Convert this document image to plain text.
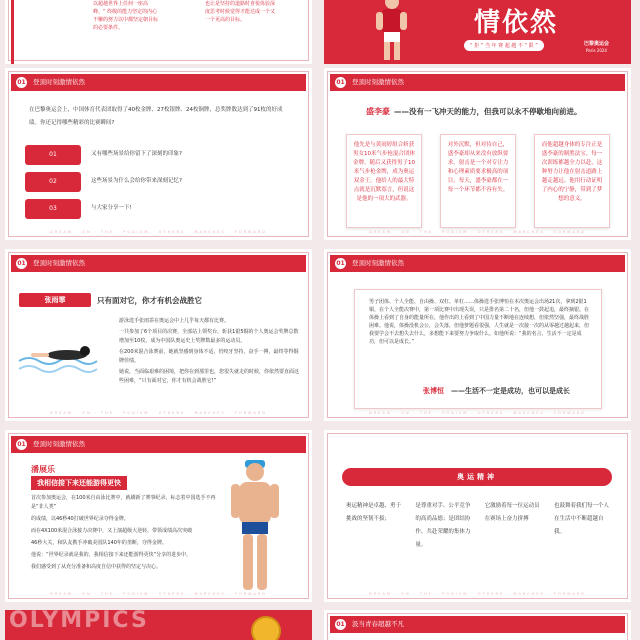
以超越世界上任何一座高峰。“ 终级的能力坚定的内心不懈的努力以中都坚定朝目标的必要条件。
也让是坚持的道路时喜悦体验深度思考时候觉得才能达成一个又一个更高的目标。	情依然
“ 拒 ” 当 年 赛 超 越 不 “ 限 ”	巴黎奥运会
Paris 2024
01 登顶时刻激情依然
在巴黎奥运会上，中国体育代表团取得了40枚金牌、27枚银牌、24枚铜牌，总奖牌数达到了91枚的好成绩。你还记得哪些精彩的比赛瞬间?
01	又有哪些场景给你留下了深刻的印象?
02	这些场景为什么会给你带来深刻记忆?
03	与大家分享一下!
DREAM · ON · THE · PODIUM · OTHERS · MARCHES · FORWARD
01 登顶时刻激情依然
盛李豪 ——没有一飞冲天的能力，但我可以永不停歇地向前进。
他先是与黄雨婷组合斩获男女10米气步枪混合团体金牌。随后又获得男子10米气步枪金牌，成为奥运双金王。他给人的最大特点就是沉默寡言，但说这是他的一项大的武器。
对外沉默，但对待自己，盛李豪却从来没有放纵要求。射击是一个对专注力和心理素质要求极高的项目，每天，盛李豪都在一每一个环节都不容有失。
而他超越身体的专注正是盛李豪的制胜法宝。每一次训练都越全力以赴，这种努力让他在射击道路上越走越远。他用行动证明了内心的宁静，带到了梦想的意义。
DREAM · ON · THE · PODIUM · OTHERS · MARCHES · FORWARD
01 登顶时刻激情依然
张雨霏	只有面对它，你才有机会战胜它
游泳选手张雨霏在奥运会中上几乎每天都有比赛。
一共参加了6个项目的决赛，全部站上领奖台，斩获1银5铜的个人奥运会奖牌总数增加至10枚，成为中国队奥运史上奖牌数最多的运动员。
在200米混合泳赛前，她就坚感到身体不适，仍咬牙坚持，奋手一搏，最终等得铜牌佳绩。
她说，当面临艰难的困境，把你在到那里也，您很失就走的时候，你依然要直面这些困难，“只有面对它，你才有机会战胜它!”
DREAM · ON · THE · PODIUM · OTHERS · MARCHES · FORWARD
01 登顶时刻激情依然
男子团体、个人全能、自由操、双杠、单杠……体操选手张博恒在本次奥运会出场21次，拿到2银1铜。在个人全能决赛中，第一项比赛中出现失误，只是排名第二十名，但他一鼓起追，最终摘银。在体操上看到了自身的能量所在，他作出的上看到了中国力量不断地在连续想，但依然坚强，最终战胜困难。他说，体操没机会公，会失落，但他萝题看很强，人生就是一次接一次的从零越过越起来，但我要学会不去想失去什么，多想能下来要努力争取什么。如他所说：“我的名言、生活不一定是成功，但可以是成长。”
张博恒 ——生活不一定是成功，也可以是成长
DREAM · ON · THE · PODIUM · OTHERS · MARCHES · FORWARD
01 登顶时刻激情依然
潘展乐
我相信接下来还能游得更快
首次参加奥运会，在100米自由泳比赛中，就刷新了赛事纪录，标志着中国选手不再是“非人类”
的成绩，以46秒40打破世界纪录夺得金牌。
而在4X100米混合泳接力决赛中，又上演超级大逆转，带领成绩高次突破
46秒大关，和队友携手冲破美国队140年的垄断，夺得金牌。
他说：“世界纪录就是我的，我相信接下来还能游得更快”分享的进步中，
我们感受到了从充分准备和高度自信中获得的坚定与决心。
DREAM · ON · THE · PODIUM · OTHERS · MARCHES · FORWARD
奥运精神
奥运精神是卓越、勇于挑战的坚韧不拔；
是尊重对手、公平竞争的高尚品德；是团结协作、共赴荣耀的集体力量。
它激励着每一位运动员在赛场上奋力拼搏
也鼓舞着我们每一个人在生活中不断超越自我。
DREAM · ON · THE · PODIUM · OTHERS · MARCHES · FORWARD
OLYMPICS	01 汲当青春超越不凡
